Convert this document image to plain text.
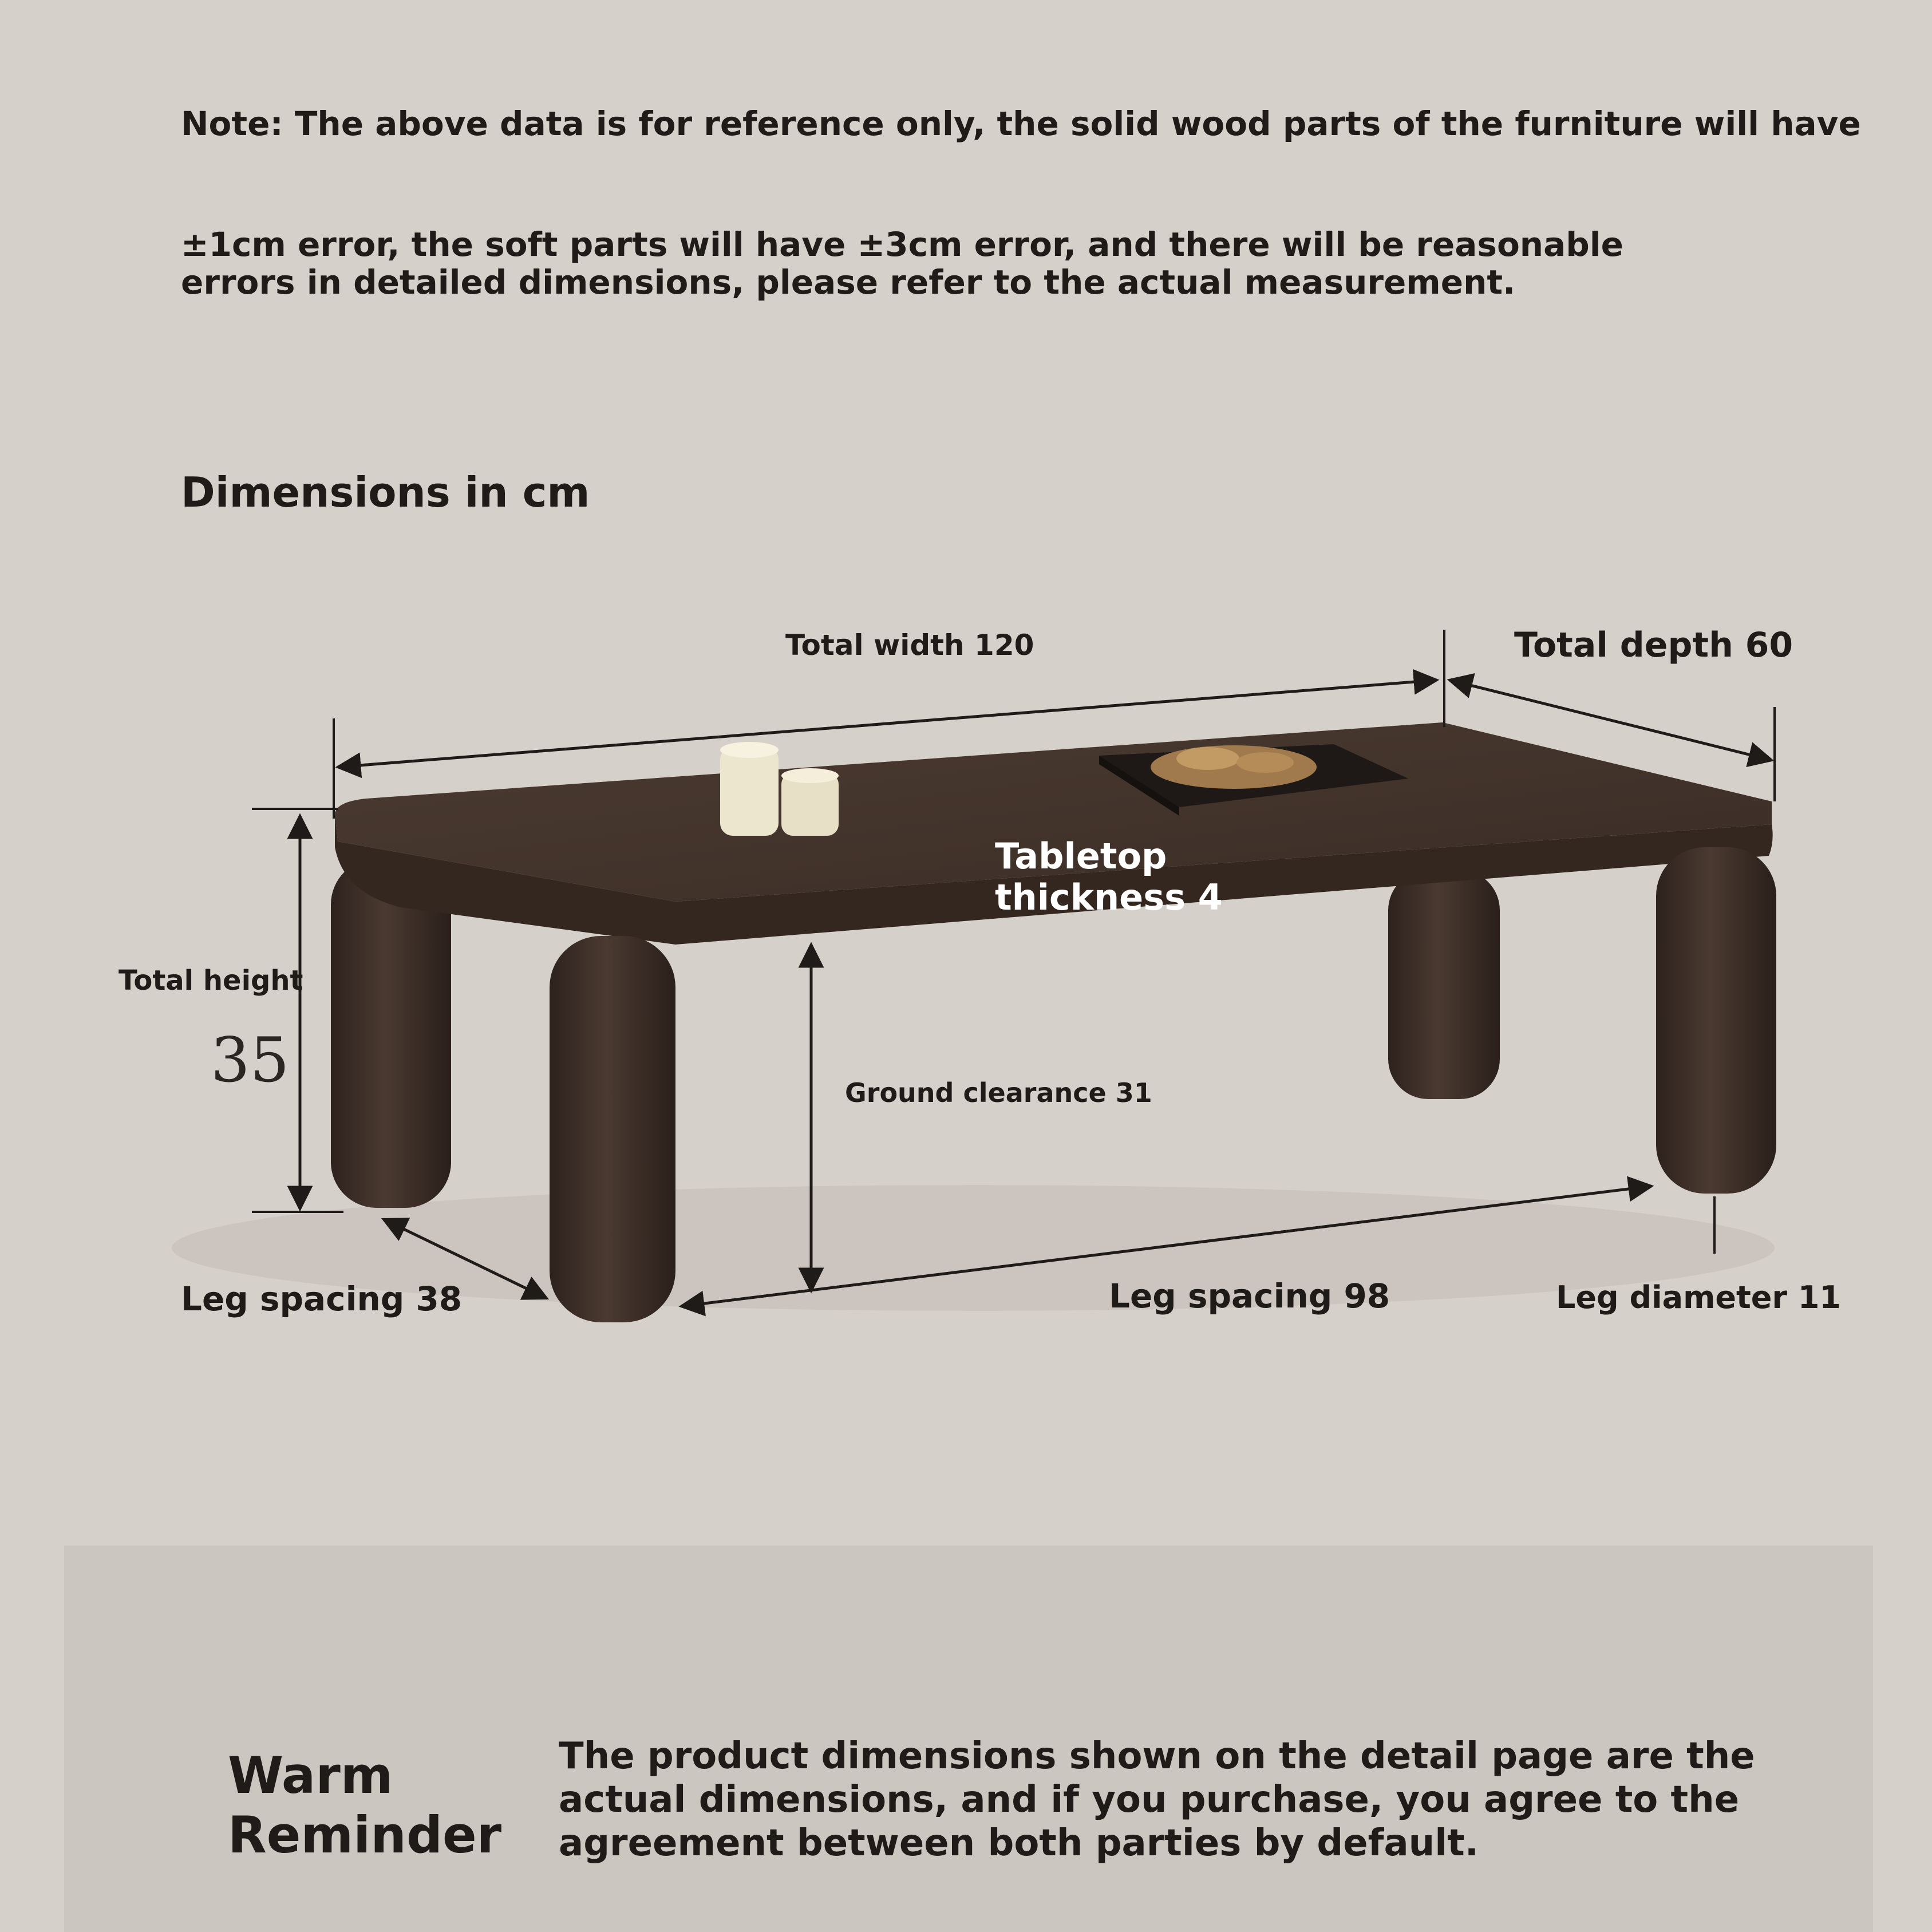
Note: The above data is for reference only, the solid wood parts of the furniture will have
±1cm error, the soft parts will have ±3cm error, and there will be reasonable
errors in detailed dimensions, please refer to the actual measurement.
Dimensions in cm
Total width 120	Total depth 60
Tabletop
thickness 4
Total height
35	Ground clearance 31
Leg spacing 38	Leg spacing 98	Leg diameter 11
Warm
Reminder
The product dimensions shown on the detail page are the
actual dimensions, and if you purchase, you agree to the
agreement between both parties by default.
